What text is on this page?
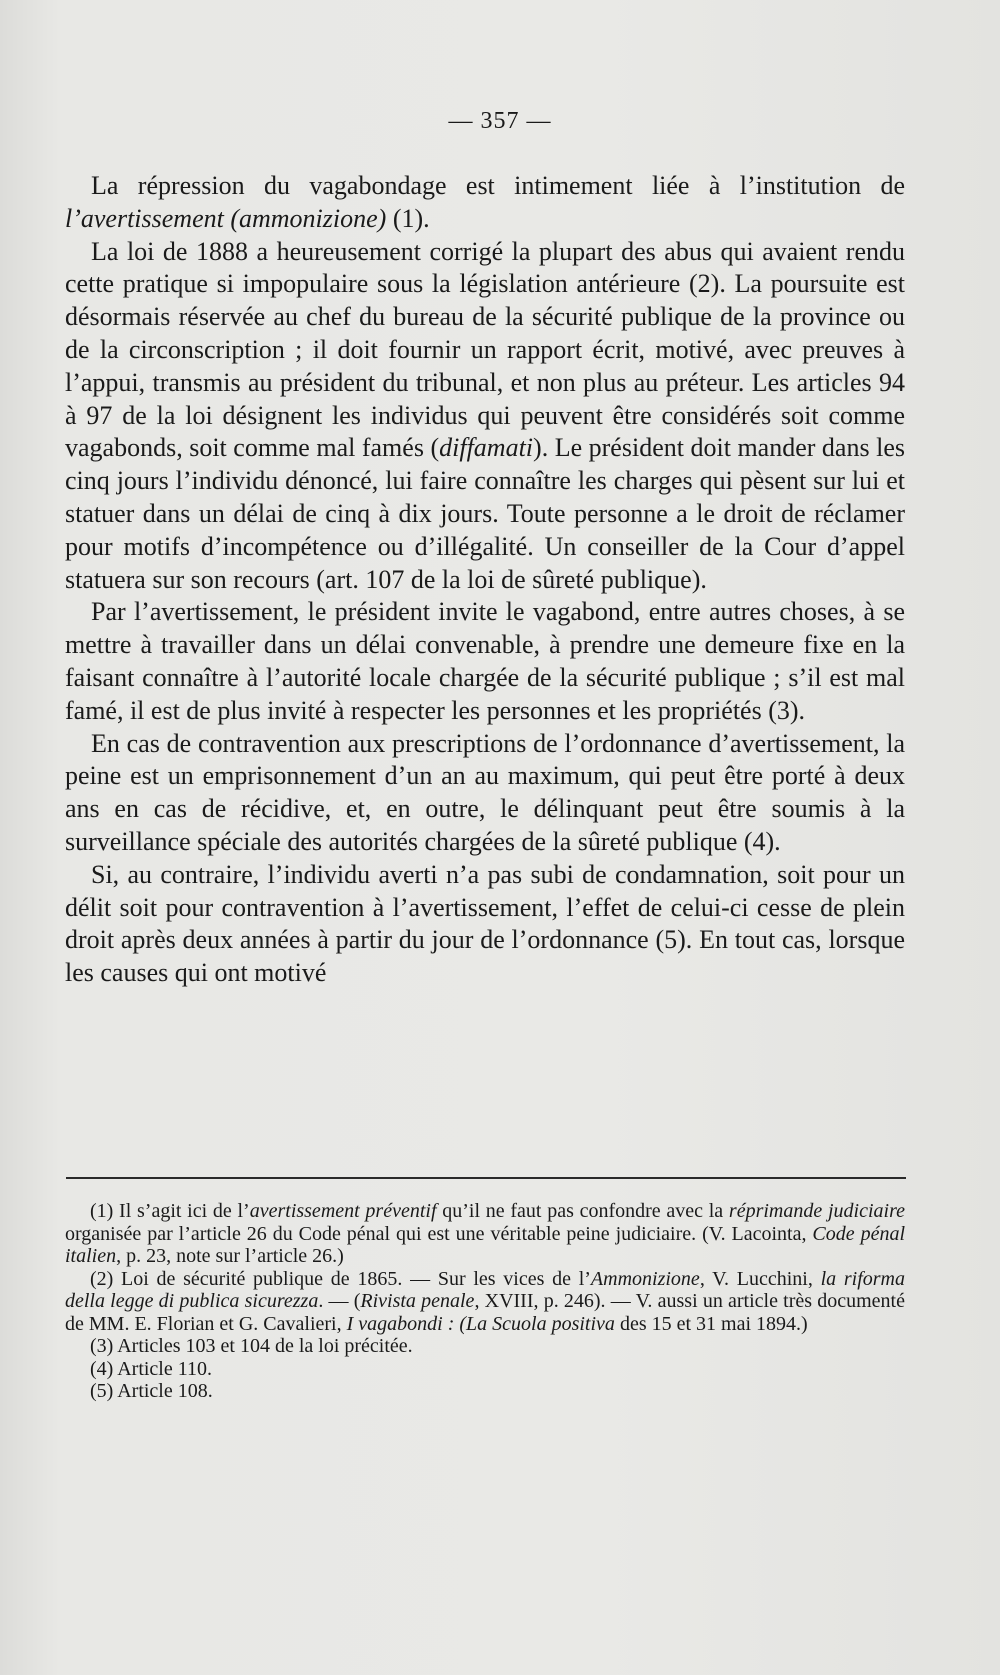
— 357 —

La répression du vagabondage est intimement liée à l’institution de l’avertissement (ammonizione) (1).

La loi de 1888 a heureusement corrigé la plupart des abus qui avaient rendu cette pratique si impopulaire sous la législation antérieure (2). La poursuite est désormais réservée au chef du bureau de la sécurité publique de la province ou de la circonscription ; il doit fournir un rapport écrit, motivé, avec preuves à l’appui, transmis au président du tribunal, et non plus au préteur. Les articles 94 à 97 de la loi désignent les individus qui peuvent être considérés soit comme vagabonds, soit comme mal famés (diffamati). Le président doit mander dans les cinq jours l’individu dénoncé, lui faire connaître les charges qui pèsent sur lui et statuer dans un délai de cinq à dix jours. Toute personne a le droit de réclamer pour motifs d’incompétence ou d’illégalité. Un conseiller de la Cour d’appel statuera sur son recours (art. 107 de la loi de sûreté publique).

Par l’avertissement, le président invite le vagabond, entre autres choses, à se mettre à travailler dans un délai convenable, à prendre une demeure fixe en la faisant connaître à l’autorité locale chargée de la sécurité publique ; s’il est mal famé, il est de plus invité à respecter les personnes et les propriétés (3).

En cas de contravention aux prescriptions de l’ordonnance d’avertissement, la peine est un emprisonnement d’un an au maximum, qui peut être porté à deux ans en cas de récidive, et, en outre, le délinquant peut être soumis à la surveillance spéciale des autorités chargées de la sûreté publique (4).

Si, au contraire, l’individu averti n’a pas subi de condamnation, soit pour un délit soit pour contravention à l’avertissement, l’effet de celui-ci cesse de plein droit après deux années à partir du jour de l’ordonnance (5). En tout cas, lorsque les causes qui ont motivé

(1) Il s’agit ici de l’avertissement préventif qu’il ne faut pas confondre avec la réprimande judiciaire organisée par l’article 26 du Code pénal qui est une véritable peine judiciaire. (V. Lacointa, Code pénal italien, p. 23, note sur l’article 26.)

(2) Loi de sécurité publique de 1865. — Sur les vices de l’Ammonizione, V. Lucchini, la riforma della legge di publica sicurezza. — (Rivista penale, XVIII, p. 246). — V. aussi un article très documenté de MM. E. Florian et G. Cavalieri, I vagabondi : (La Scuola positiva des 15 et 31 mai 1894.)

(3) Articles 103 et 104 de la loi précitée.

(4) Article 110.

(5) Article 108.
